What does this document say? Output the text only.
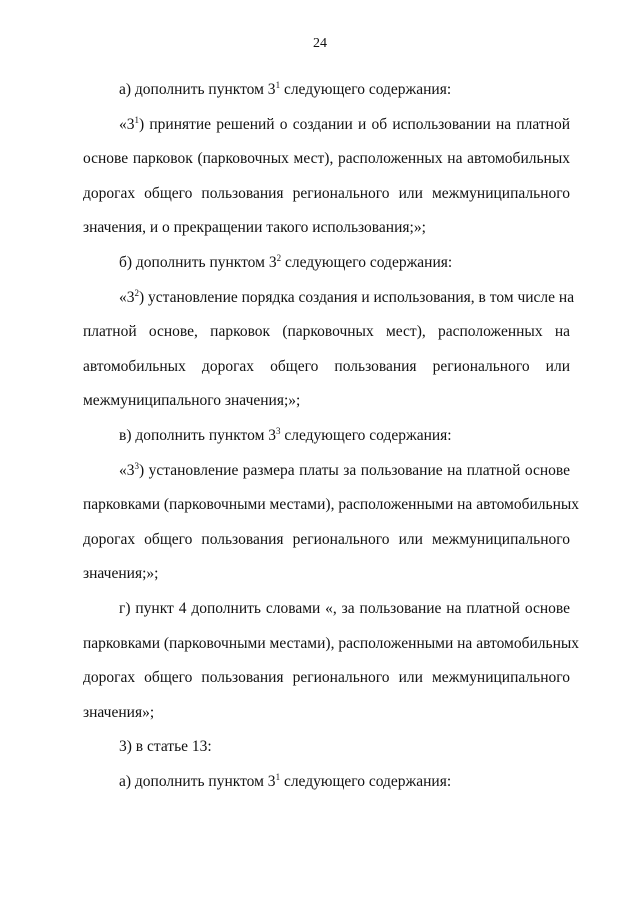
24
а) дополнить пунктом $3^1$ следующего содержания:
«$3^1$) принятие решений о создании и об использовании на платной
основе парковок (парковочных мест), расположенных на автомобильных
дорогах общего пользования регионального или межмуниципального
значения, и о прекращении такого использования;»;
б) дополнить пунктом $3^2$ следующего содержания:
«$3^2$) установление порядка создания и использования, в том числе на
платной основе, парковок (парковочных мест), расположенных на
автомобильных дорогах общего пользования регионального или
межмуниципального значения;»;
в) дополнить пунктом $3^3$ следующего содержания:
«$3^3$) установление размера платы за пользование на платной основе
парковками (парковочными местами), расположенными на автомобильных
дорогах общего пользования регионального или межмуниципального
значения;»;
г) пункт 4 дополнить словами «, за пользование на платной основе
парковками (парковочными местами), расположенными на автомобильных
дорогах общего пользования регионального или межмуниципального
значения»;
3) в статье 13:
а) дополнить пунктом $3^1$ следующего содержания:
